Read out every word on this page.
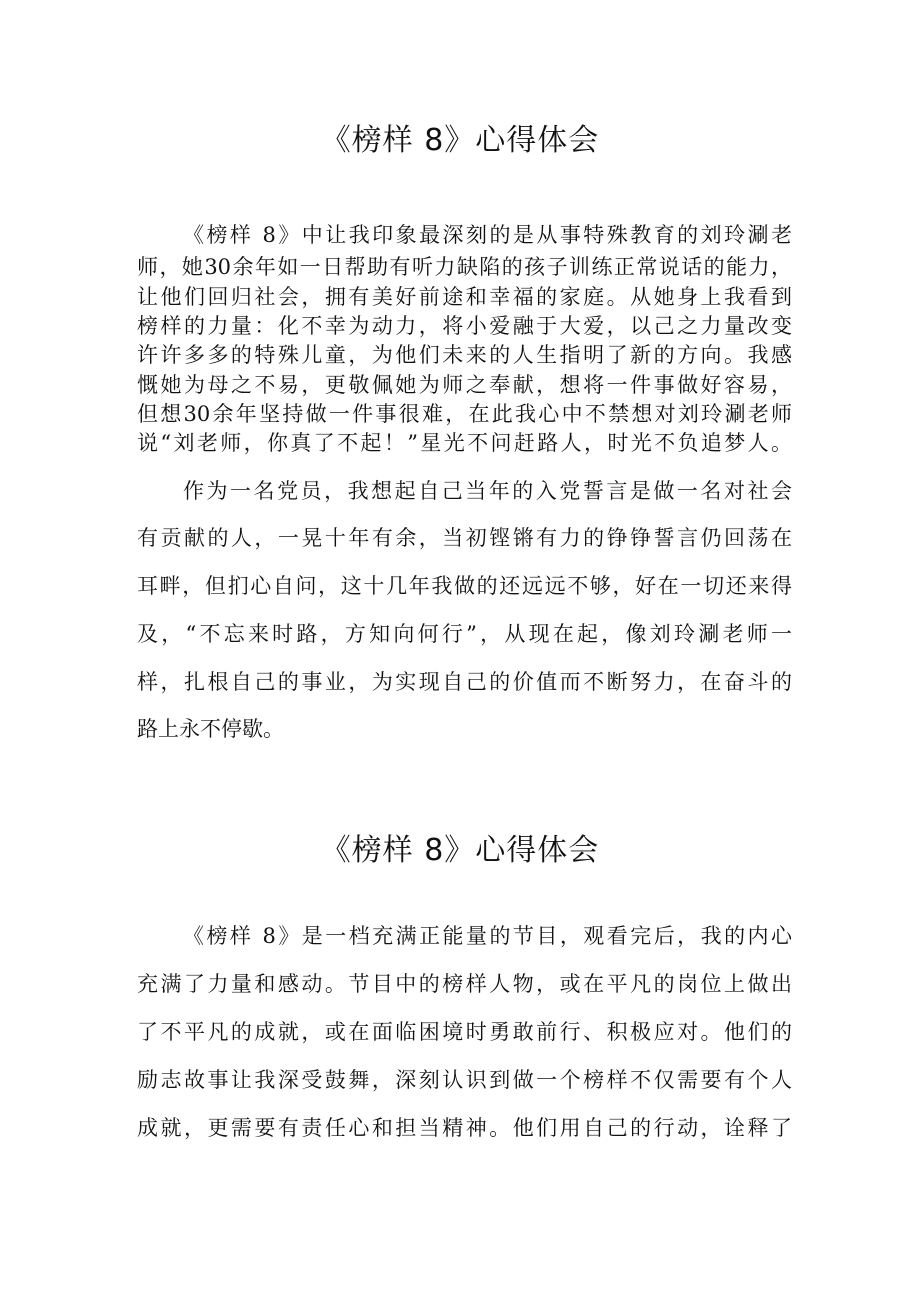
《榜样 8》心得体会

《榜样 8》中让我印象最深刻的是从事特殊教育的刘玲涮老

师，她30余年如一日帮助有听力缺陷的孩子训练正常说话的能力，

让他们回归社会，拥有美好前途和幸福的家庭。从她身上我看到

榜样的力量：化不幸为动力，将小爱融于大爱，以己之力量改变

许许多多的特殊儿童，为他们未来的人生指明了新的方向。我感

慨她为母之不易，更敬佩她为师之奉献，想将一件事做好容易，

但想30余年坚持做一件事很难，在此我心中不禁想对刘玲涮老师

说“刘老师，你真了不起！”星光不问赶路人，时光不负追梦人。

作为一名党员，我想起自己当年的入党誓言是做一名对社会

有贡献的人，一晃十年有余，当初铿锵有力的铮铮誓言仍回荡在

耳畔，但扪心自问，这十几年我做的还远远不够，好在一切还来得

及，“不忘来时路，方知向何行”，从现在起，像刘玲涮老师一

样，扎根自己的事业，为实现自己的价值而不断努力，在奋斗的

路上永不停歇。

《榜样 8》心得体会

《榜样 8》是一档充满正能量的节目，观看完后，我的内心

充满了力量和感动。节目中的榜样人物，或在平凡的岗位上做出

了不平凡的成就，或在面临困境时勇敢前行、积极应对。他们的

励志故事让我深受鼓舞，深刻认识到做一个榜样不仅需要有个人

成就，更需要有责任心和担当精神。他们用自己的行动，诠释了
